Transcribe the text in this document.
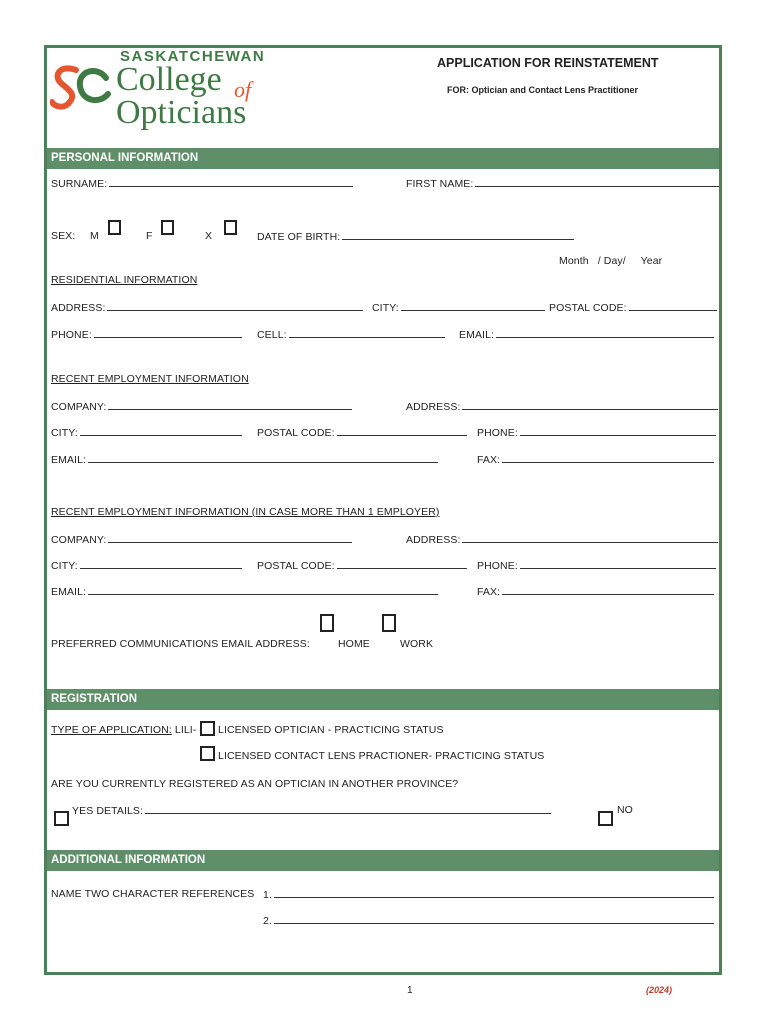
SASKATCHEWAN
College of
Opticians
APPLICATION FOR REINSTATEMENT
FOR: Optician and Contact Lens Practitioner
PERSONAL INFORMATION
SURNAME:	FIRST NAME:
SEX: M	F	X	DATE OF BIRTH:
Month   / Day/     Year
RESIDENTIAL INFORMATION
ADDRESS:	CITY:	POSTAL CODE:
PHONE:	CELL:	EMAIL:
RECENT EMPLOYMENT INFORMATION
COMPANY:	ADDRESS:
CITY:	POSTAL CODE:	PHONE:
EMAIL:	FAX:
RECENT EMPLOYMENT INFORMATION (IN CASE MORE THAN 1 EMPLOYER)
COMPANY:	ADDRESS:
CITY:	POSTAL CODE:	PHONE:
EMAIL:	FAX:
PREFERRED COMMUNICATIONS EMAIL ADDRESS:	HOME	WORK
REGISTRATION
TYPE OF APPLICATION: LILI- LICENSED OPTICIAN - PRACTICING STATUS
LICENSED CONTACT LENS PRACTIONER- PRACTICING STATUS
ARE YOU CURRENTLY REGISTERED AS AN OPTICIAN IN ANOTHER PROVINCE?
YES DETAILS:	NO
ADDITIONAL INFORMATION
NAME TWO CHARACTER REFERENCES 1.
2.
1	(2024)
